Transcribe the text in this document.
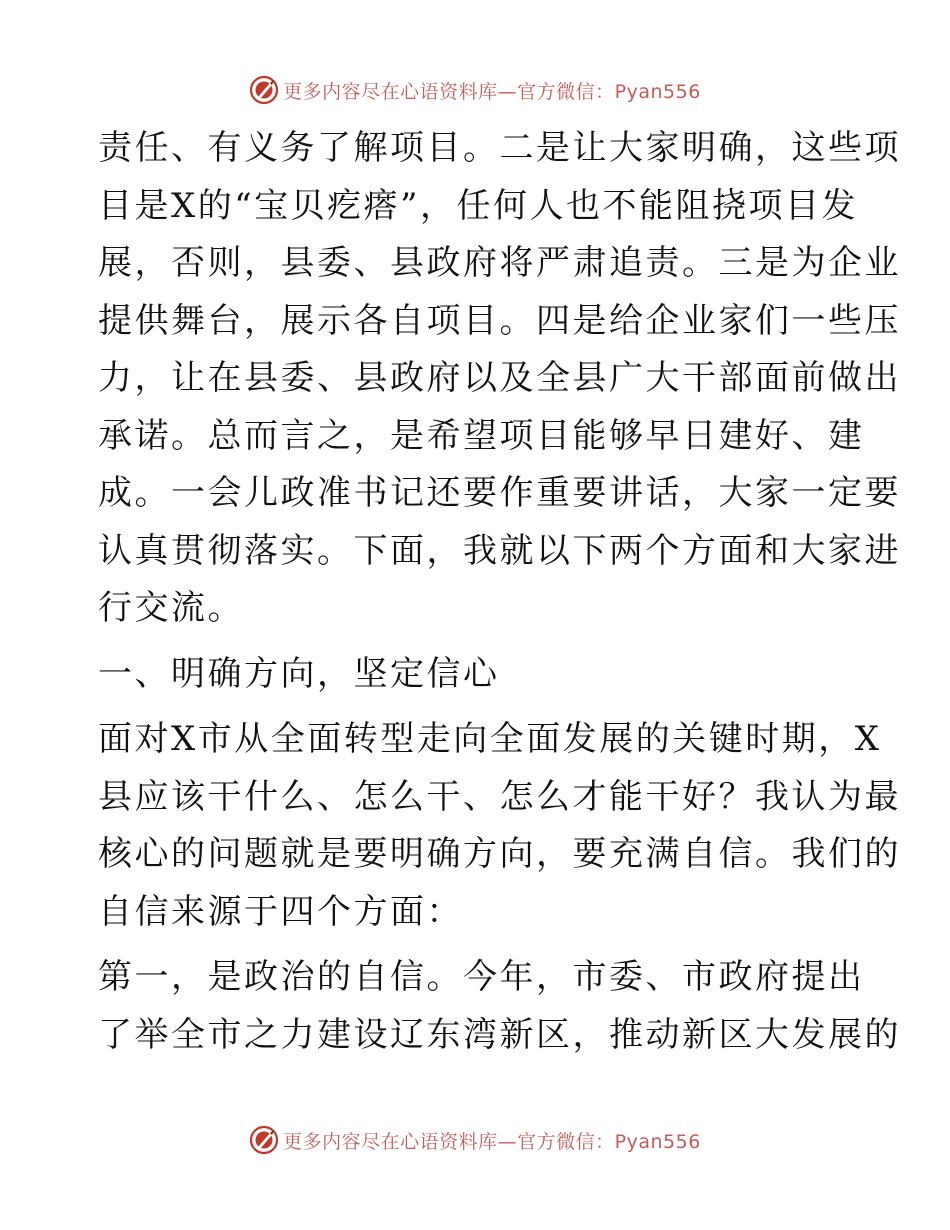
更多内容尽在心语资料库—官方微信：Pyan556

责任、有义务了解项目。二是让大家明确，这些项
目是X的“宝贝疙瘩”，任何人也不能阻挠项目发
展，否则，县委、县政府将严肃追责。三是为企业
提供舞台，展示各自项目。四是给企业家们一些压
力，让在县委、县政府以及全县广大干部面前做出
承诺。总而言之，是希望项目能够早日建好、建
成。一会儿政准书记还要作重要讲话，大家一定要
认真贯彻落实。下面，我就以下两个方面和大家进
行交流。

一、明确方向，坚定信心

面对X市从全面转型走向全面发展的关键时期，X
县应该干什么、怎么干、怎么才能干好？我认为最
核心的问题就是要明确方向，要充满自信。我们的
自信来源于四个方面：

第一，是政治的自信。今年，市委、市政府提出
了举全市之力建设辽东湾新区，推动新区大发展的

更多内容尽在心语资料库—官方微信：Pyan556
